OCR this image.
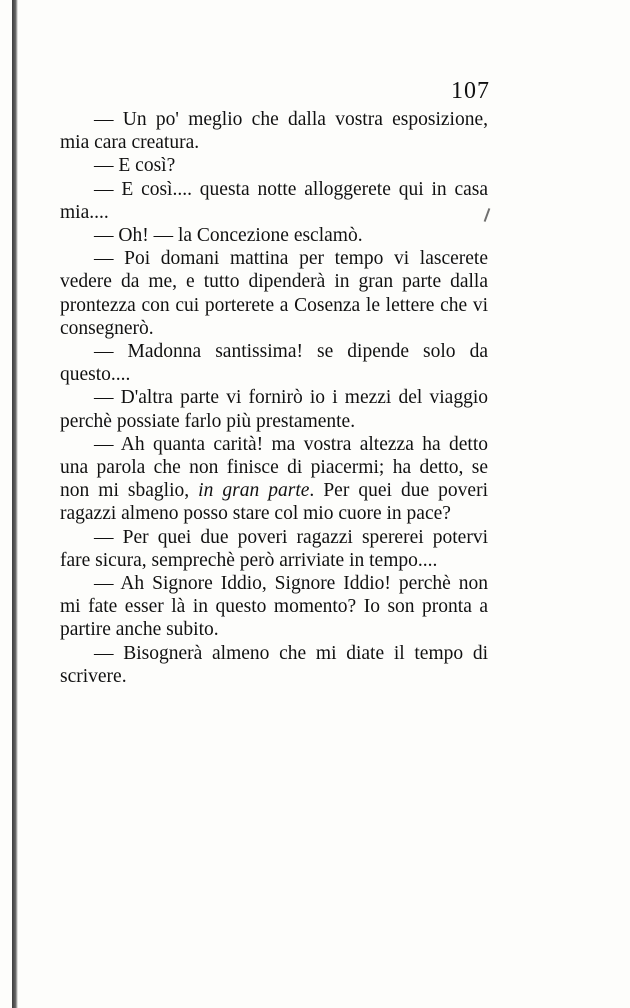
107

— Un po' meglio che dalla vostra esposizione, mia cara creatura.

— E così?

— E così.... questa notte alloggerete qui in casa mia....

— Oh! — la Concezione esclamò.

— Poi domani mattina per tempo vi lascerete vedere da me, e tutto dipenderà in gran parte dalla prontezza con cui porterete a Cosenza le lettere che vi consegnerò.

— Madonna santissima! se dipende solo da questo....

— D'altra parte vi fornirò io i mezzi del viaggio perchè possiate farlo più prestamente.

— Ah quanta carità! ma vostra altezza ha detto una parola che non finisce di piacermi; ha detto, se non mi sbaglio, in gran parte. Per quei due poveri ragazzi almeno posso stare col mio cuore in pace?

— Per quei due poveri ragazzi spererei potervi fare sicura, semprechè però arriviate in tempo....

— Ah Signore Iddio, Signore Iddio! perchè non mi fate esser là in questo momento? Io son pronta a partire anche subito.

— Bisognerà almeno che mi diate il tempo di scrivere.
